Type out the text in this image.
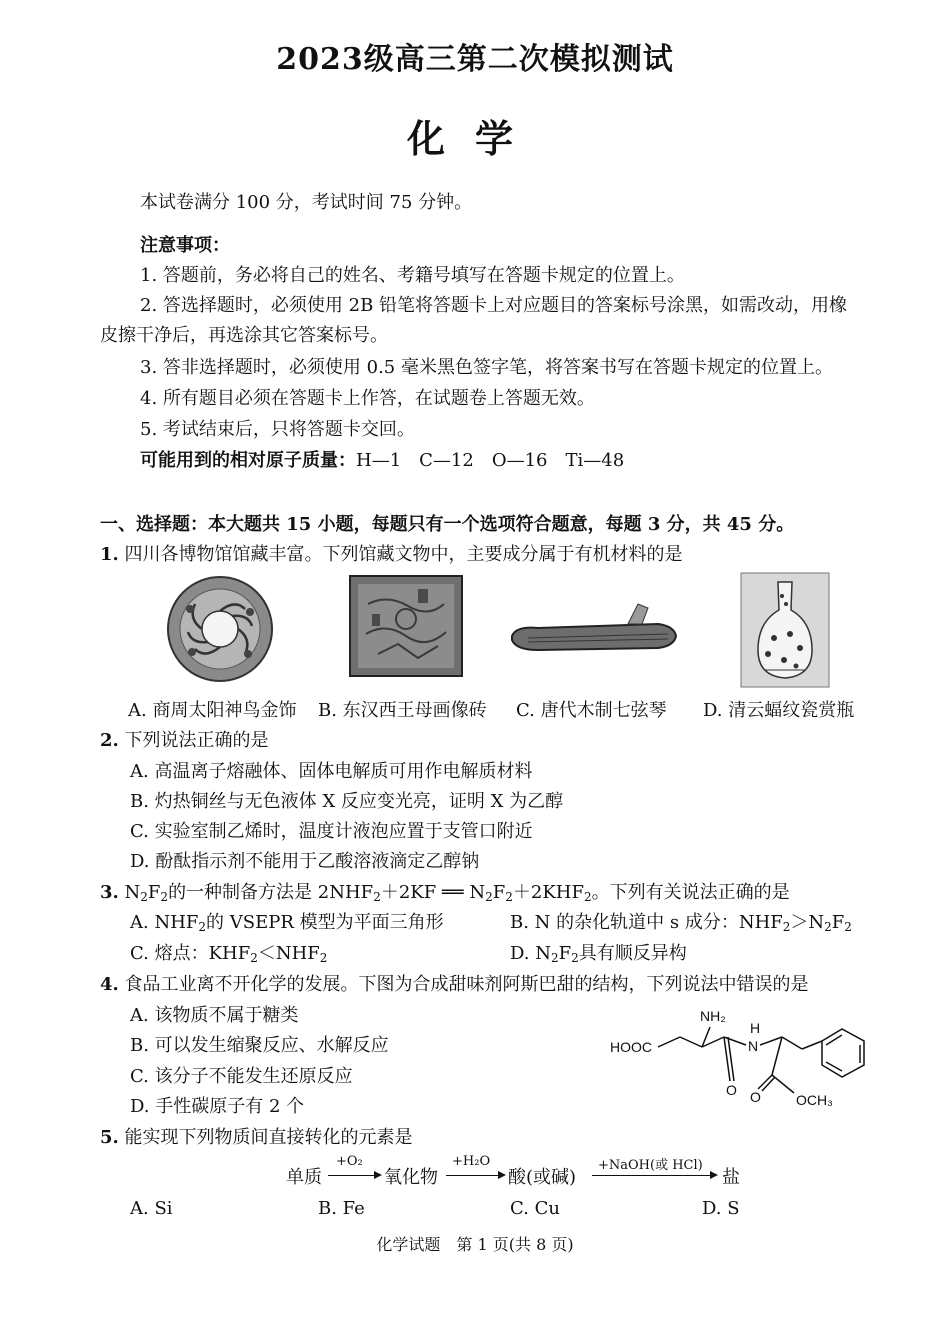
2023级高三第二次模拟测试
化学
本试卷满分 100 分，考试时间 75 分钟。
注意事项：
1. 答题前，务必将自己的姓名、考籍号填写在答题卡规定的位置上。
2. 答选择题时，必须使用 2B 铅笔将答题卡上对应题目的答案标号涂黑，如需改动，用橡
皮擦干净后，再选涂其它答案标号。
3. 答非选择题时，必须使用 0.5 毫米黑色签字笔，将答案书写在答题卡规定的位置上。
4. 所有题目必须在答题卡上作答，在试题卷上答题无效。
5. 考试结束后，只将答题卡交回。
可能用到的相对原子质量：H—1　C—12　O—16　Ti—48
一、选择题：本大题共 15 小题，每题只有一个选项符合题意，每题 3 分，共 45 分。
1. 四川各博物馆馆藏丰富。下列馆藏文物中，主要成分属于有机材料的是
A. 商周太阳神鸟金饰 B. 东汉西王母画像砖 C. 唐代木制七弦琴 D. 清云蝠纹瓷赏瓶
2. 下列说法正确的是
A. 高温离子熔融体、固体电解质可用作电解质材料
B. 灼热铜丝与无色液体 X 反应变光亮，证明 X 为乙醇
C. 实验室制乙烯时，温度计液泡应置于支管口附近
D. 酚酞指示剂不能用于乙酸溶液滴定乙醇钠
3. $N_2F_2$的一种制备方法是 $2NHF_2+2KF$ ══ $N_2F_2+2KHF_2$。下列有关说法正确的是
A. $NHF_2$的 VSEPR 模型为平面三角形	B. N 的杂化轨道中 s 成分：$NHF_2>N_2F_2$
C. 熔点：$KHF_2<NHF_2$	D. $N_2F_2$具有顺反异构
4. 食品工业离不开化学的发展。下图为合成甜味剂阿斯巴甜的结构，下列说法中错误的是
A. 该物质不属于糖类
B. 可以发生缩聚反应、水解反应
C. 该分子不能发生还原反应
D. 手性碳原子有 2 个
HOOC
NH₂
H
N
O O	OCH₃
5. 能实现下列物质间直接转化的元素是
单质
+O₂
氧化物
+H₂O
酸(或碱)
+NaOH(或 HCl)
盐
A. Si	B. Fe	C. Cu	D. S
化学试题　第 1 页(共 8 页)
